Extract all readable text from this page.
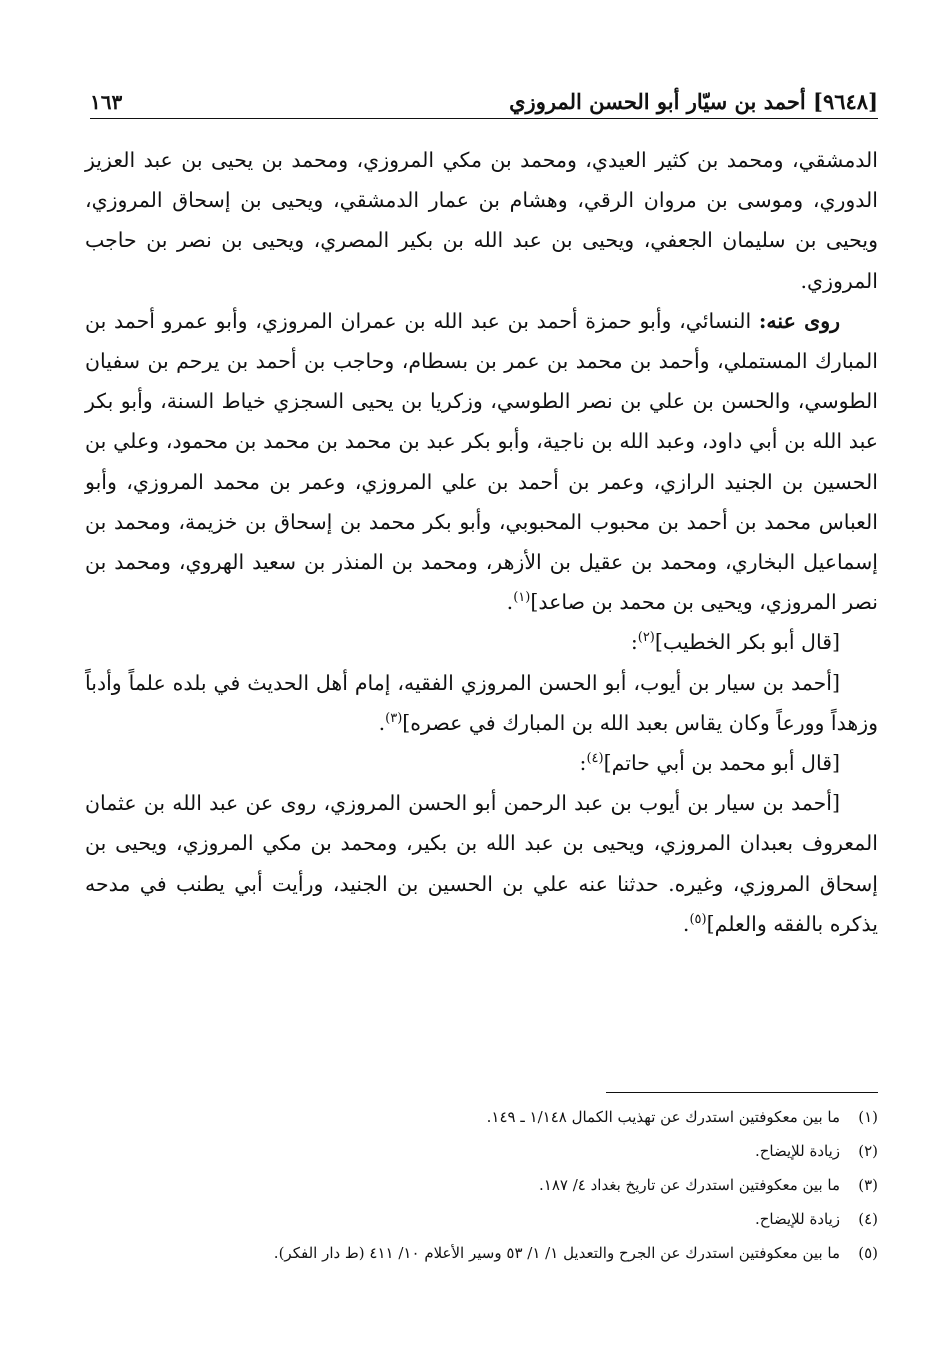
[٩٦٤٨] أحمد بن سيّار أبو الحسن المروزي
١٦٣

الدمشقي، ومحمد بن كثير العيدي، ومحمد بن مكي المروزي، ومحمد بن يحيى بن عبد العزيز الدوري، وموسى بن مروان الرقي، وهشام بن عمار الدمشقي، ويحيى بن إسحاق المروزي، ويحيى بن سليمان الجعفي، ويحيى بن عبد الله بن بكير المصري، ويحيى بن نصر بن حاجب المروزي.

روى عنه: النسائي، وأبو حمزة أحمد بن عبد الله بن عمران المروزي، وأبو عمرو أحمد بن المبارك المستملي، وأحمد بن محمد بن عمر بن بسطام، وحاجب بن أحمد بن يرحم بن سفيان الطوسي، والحسن بن علي بن نصر الطوسي، وزكريا بن يحيى السجزي خياط السنة، وأبو بكر عبد الله بن أبي داود، وعبد الله بن ناجية، وأبو بكر عبد بن محمد بن محمد بن محمود، وعلي بن الحسين بن الجنيد الرازي، وعمر بن أحمد بن علي المروزي، وعمر بن محمد المروزي، وأبو العباس محمد بن أحمد بن محبوب المحبوبي، وأبو بكر محمد بن إسحاق بن خزيمة، ومحمد بن إسماعيل البخاري، ومحمد بن عقيل بن الأزهر، ومحمد بن المنذر بن سعيد الهروي، ومحمد بن نصر المروزي، ويحيى بن محمد بن صاعد]$^{(١)}$.

[قال أبو بكر الخطيب]$^{(٢)}$:

[أحمد بن سيار بن أيوب، أبو الحسن المروزي الفقيه، إمام أهل الحديث في بلده علماً وأدباً وزهداً وورعاً وكان يقاس بعبد الله بن المبارك في عصره]$^{(٣)}$.

[قال أبو محمد بن أبي حاتم]$^{(٤)}$:

[أحمد بن سيار بن أيوب بن عبد الرحمن أبو الحسن المروزي، روى عن عبد الله بن عثمان المعروف بعبدان المروزي، ويحيى بن عبد الله بن بكير، ومحمد بن مكي المروزي، ويحيى بن إسحاق المروزي، وغيره. حدثنا عنه علي بن الحسين بن الجنيد، ورأيت أبي يطنب في مدحه يذكره بالفقه والعلم]$^{(٥)}$.

(١)
ما بين معكوفتين استدرك عن تهذيب الكمال ١/١٤٨ ـ ١٤٩.
(٢)
زيادة للإيضاح.
(٣)
ما بين معكوفتين استدرك عن تاريخ بغداد ٤/ ١٨٧.
(٤)
زيادة للإيضاح.
(٥)
ما بين معكوفتين استدرك عن الجرح والتعديل ١/ ١/ ٥٣ وسير الأعلام ١٠/ ٤١١ (ط دار الفكر).
